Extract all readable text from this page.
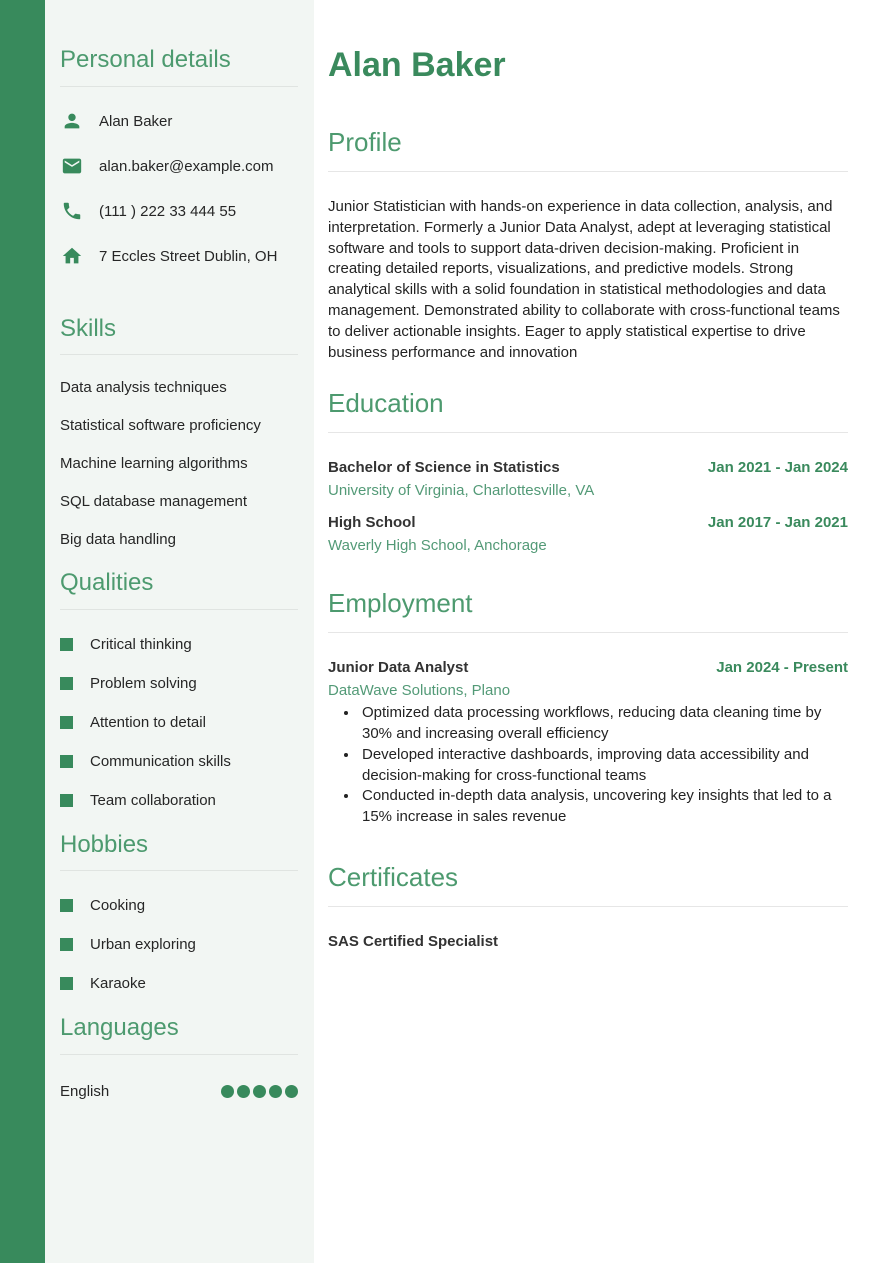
Personal details
Alan Baker
alan.baker@example.com
(111 ) 222 33 444 55
7 Eccles Street Dublin, OH
Skills
Data analysis techniques
Statistical software proficiency
Machine learning algorithms
SQL database management
Big data handling
Qualities
Critical thinking
Problem solving
Attention to detail
Communication skills
Team collaboration
Hobbies
Cooking
Urban exploring
Karaoke
Languages
English
Alan Baker
Profile

Junior Statistician with hands-on experience in data collection, analysis, and interpretation. Formerly a Junior Data Analyst, adept at leveraging statistical software and tools to support data-driven decision-making. Proficient in creating detailed reports, visualizations, and predictive models. Strong analytical skills with a solid foundation in statistical methodologies and data management. Demonstrated ability to collaborate with cross-functional teams to deliver actionable insights. Eager to apply statistical expertise to drive business performance and innovation

Education
Bachelor of Science in Statistics	Jan 2021 - Jan 2024
University of Virginia, Charlottesville, VA
High School	Jan 2017 - Jan 2021
Waverly High School, Anchorage
Employment
Junior Data Analyst	Jan 2024 - Present
DataWave Solutions, Plano
• Optimized data processing workflows, reducing data cleaning time by 30% and increasing overall efficiency
• Developed interactive dashboards, improving data accessibility and decision-making for cross-functional teams
• Conducted in-depth data analysis, uncovering key insights that led to a 15% increase in sales revenue
Certificates
SAS Certified Specialist
